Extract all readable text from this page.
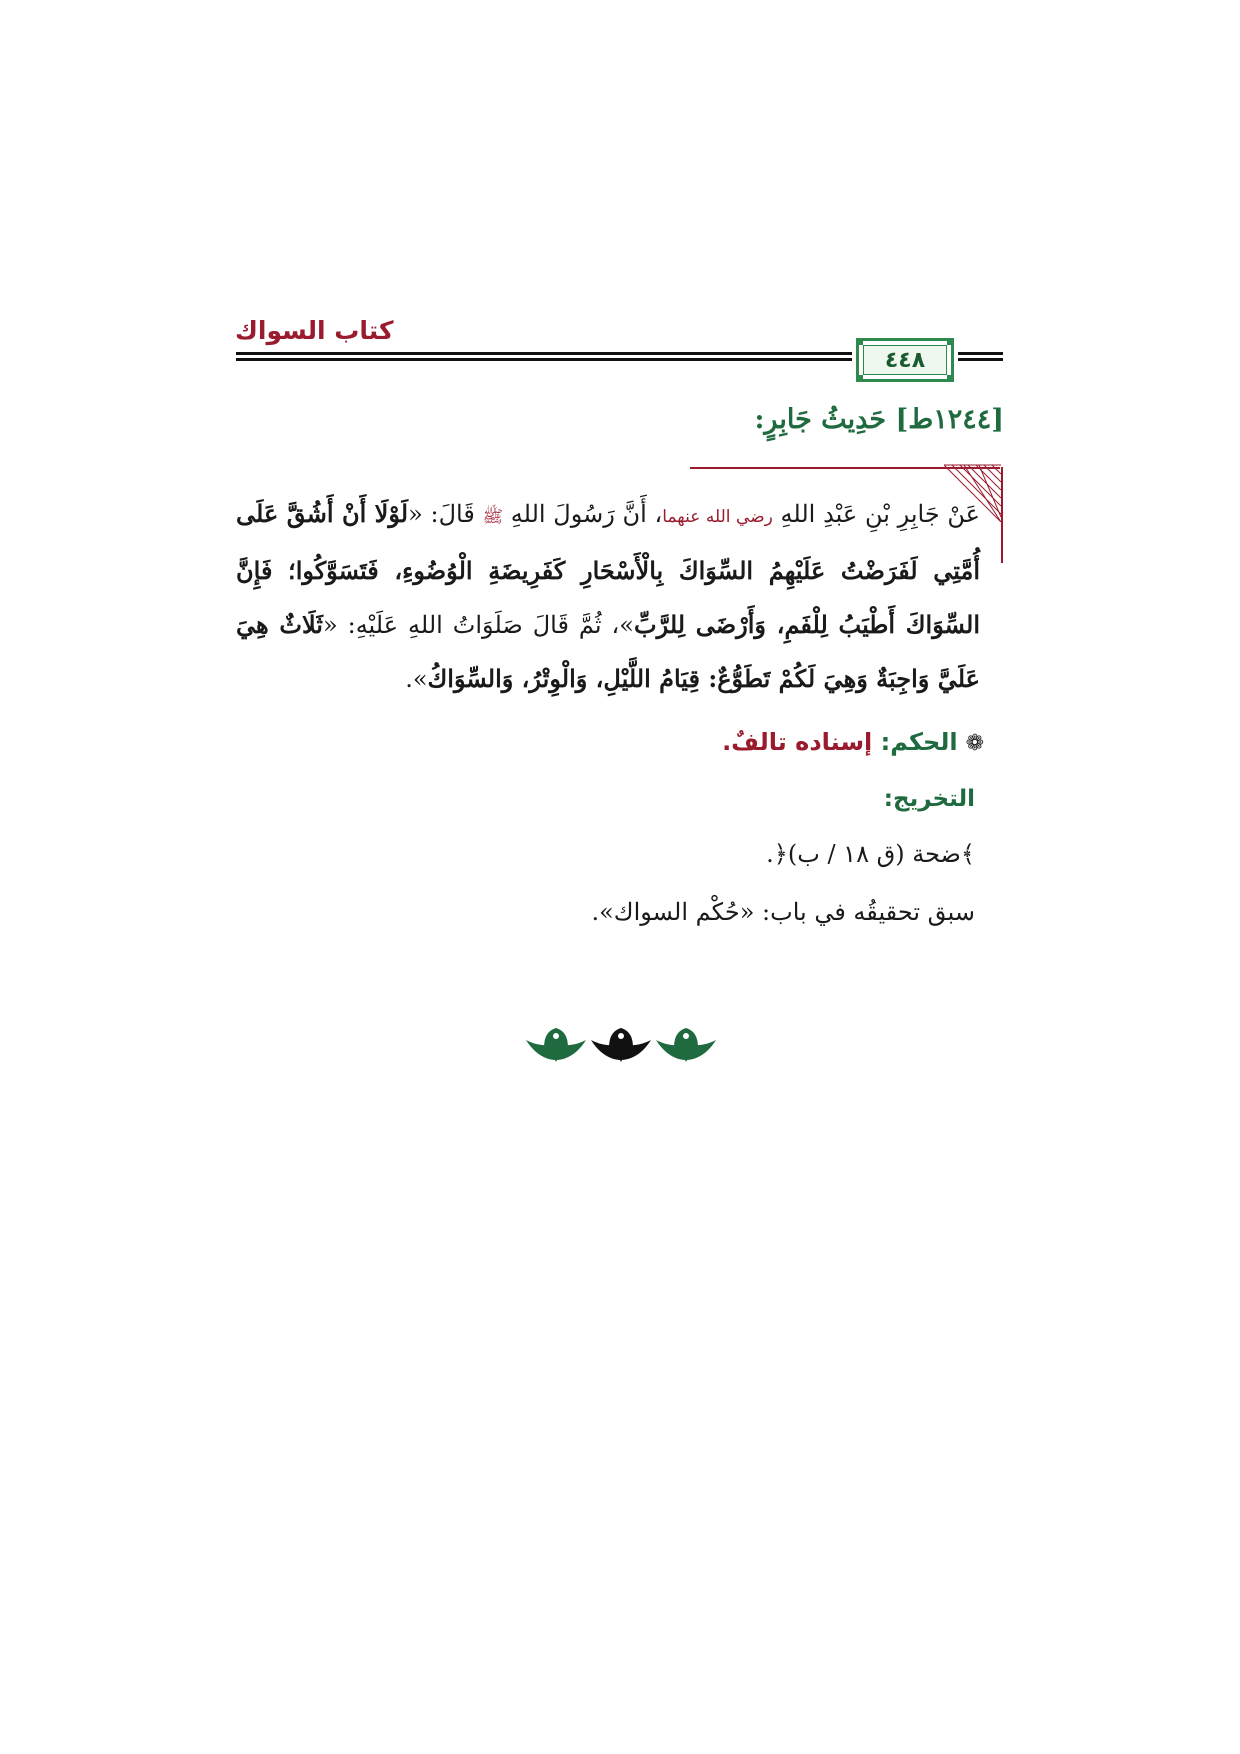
كتاب السواك
٤٤٨
[١٢٤٤ط] حَدِيثُ جَابِرٍ:
عَنْ جَابِرِ بْنِ عَبْدِ اللهِ رضي الله عنهما، أَنَّ رَسُولَ اللهِ ﷺ قَالَ: «لَوْلَا أَنْ أَشُقَّ عَلَى أُمَّتِي لَفَرَضْتُ عَلَيْهِمُ السِّوَاكَ بِالْأَسْحَارِ كَفَرِيضَةِ الْوُضُوءِ، فَتَسَوَّكُوا؛ فَإِنَّ السِّوَاكَ أَطْيَبُ لِلْفَمِ، وَأَرْضَى لِلرَّبِّ»، ثُمَّ قَالَ صَلَوَاتُ اللهِ عَلَيْهِ: «ثَلَاثٌ هِيَ عَلَيَّ وَاجِبَةٌ وَهِيَ لَكُمْ تَطَوُّعٌ: قِيَامُ اللَّيْلِ، وَالْوِتْرُ، وَالسِّوَاكُ».
❁الحكم: إسناده تالفٌ.
التخريج:
﴾ضحة (ق ١٨ / ب)﴿.
سبق تحقيقُه في باب: «حُكْم السواك».
